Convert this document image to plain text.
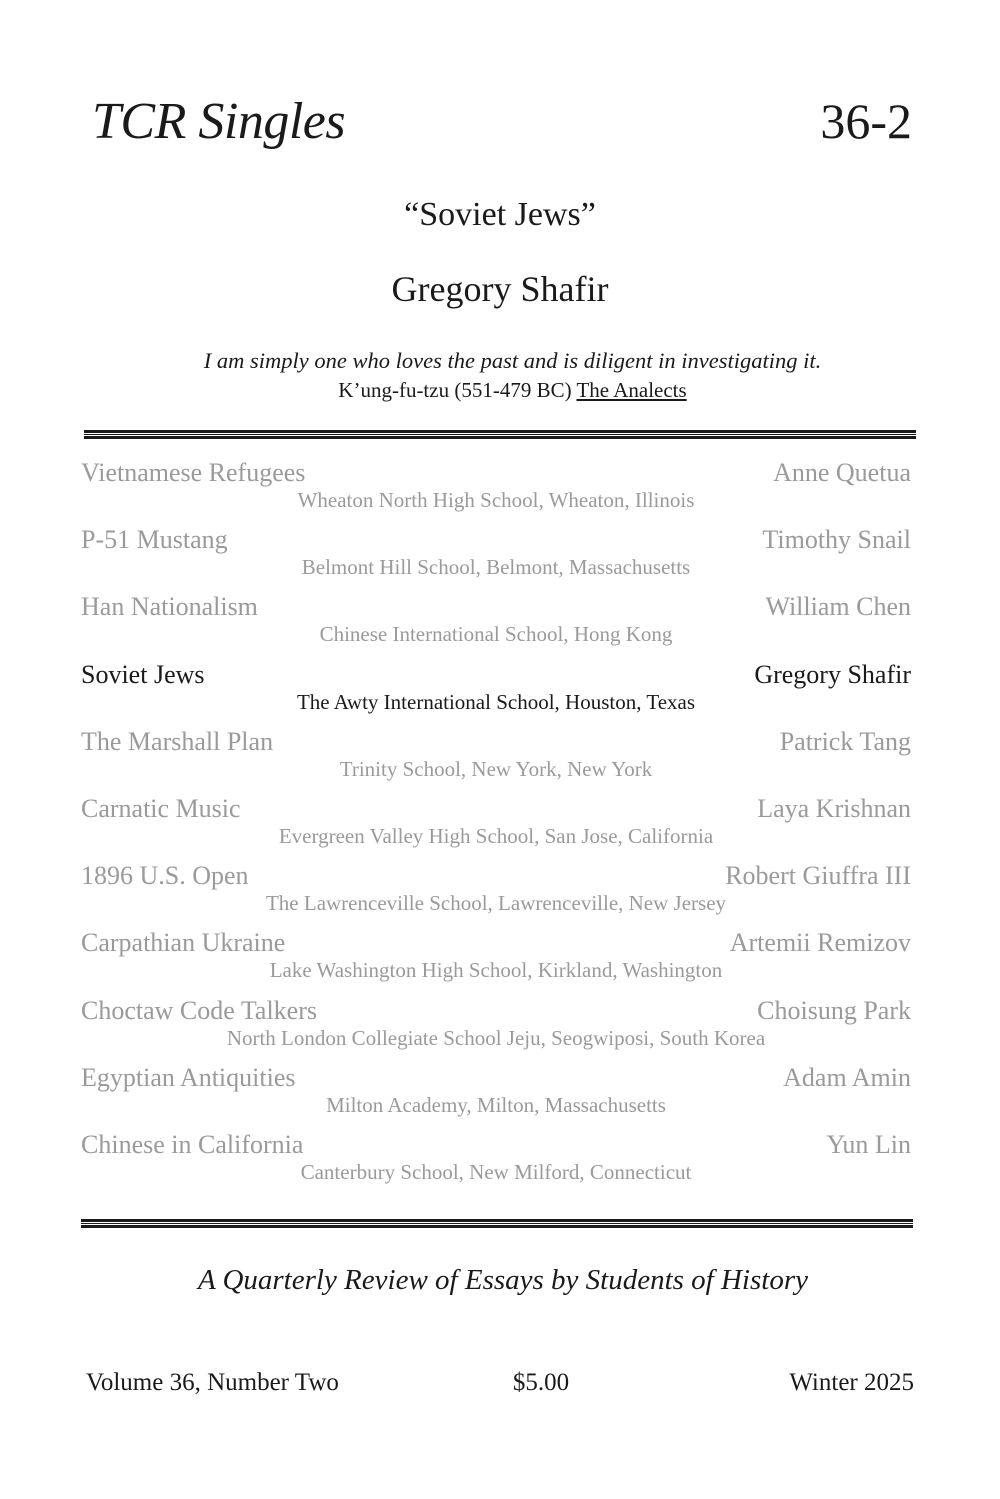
TCR Singles	36-2
“Soviet Jews”
Gregory Shafir
I am simply one who loves the past and is diligent in investigating it.
K’ung-fu-tzu (551-479 BC) The Analects
Vietnamese Refugees	Anne Quetua
Wheaton North High School, Wheaton, Illinois
P-51 Mustang	Timothy Snail
Belmont Hill School, Belmont, Massachusetts
Han Nationalism	William Chen
Chinese International School, Hong Kong
Soviet Jews	Gregory Shafir
The Awty International School, Houston, Texas
The Marshall Plan	Patrick Tang
Trinity School, New York, New York
Carnatic Music	Laya Krishnan
Evergreen Valley High School, San Jose, California
1896 U.S. Open	Robert Giuffra III
The Lawrenceville School, Lawrenceville, New Jersey
Carpathian Ukraine	Artemii Remizov
Lake Washington High School, Kirkland, Washington
Choctaw Code Talkers	Choisung Park
North London Collegiate School Jeju, Seogwiposi, South Korea
Egyptian Antiquities	Adam Amin
Milton Academy, Milton, Massachusetts
Chinese in California	Yun Lin
Canterbury School, New Milford, Connecticut
A Quarterly Review of Essays by Students of History
Volume 36, Number Two	$5.00	Winter 2025
